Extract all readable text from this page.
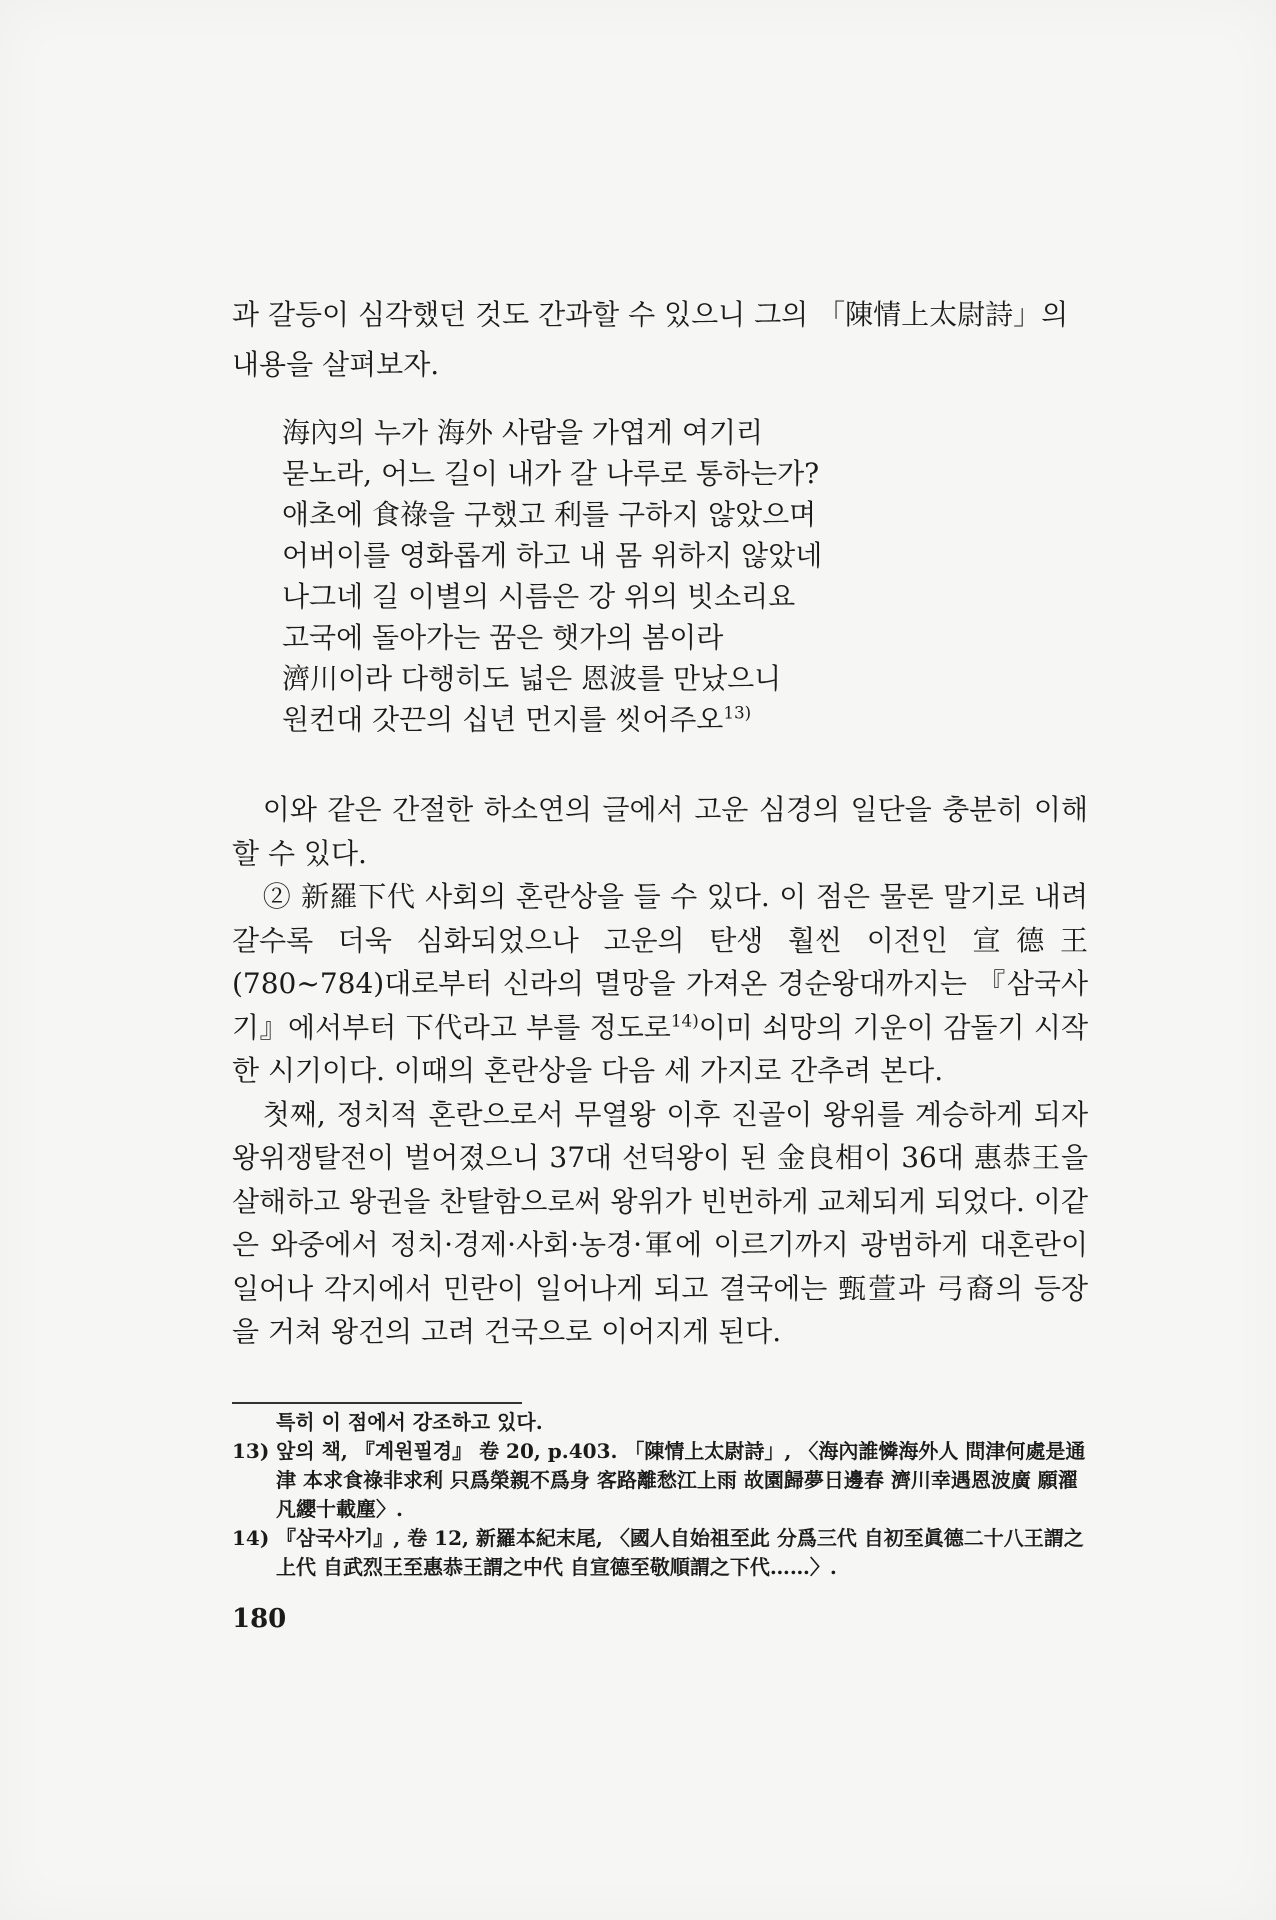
과 갈등이 심각했던 것도 간과할 수 있으니 그의 「陳情上太尉詩」의

내용을 살펴보자.

海內의 누가 海外 사람을 가엽게 여기리
묻노라, 어느 길이 내가 갈 나루로 통하는가?
애초에 食祿을 구했고 利를 구하지 않았으며
어버이를 영화롭게 하고 내 몸 위하지 않았네
나그네 길 이별의 시름은 강 위의 빗소리요
고국에 돌아가는 꿈은 햇가의 봄이라
濟川이라 다행히도 넓은 恩波를 만났으니
원컨대 갓끈의 십년 먼지를 씻어주오$^{13)}$

이와 같은 간절한 하소연의 글에서 고운 심경의 일단을 충분히 이해할 수 있다.

② 新羅下代 사회의 혼란상을 들 수 있다. 이 점은 물론 말기로 내려갈수록 더욱 심화되었으나 고운의 탄생 훨씬 이전인 宣德王(780~784)대로부터 신라의 멸망을 가져온 경순왕대까지는 『삼국사기』에서부터 下代라고 부를 정도로$^{14)}$이미 쇠망의 기운이 감돌기 시작한 시기이다. 이때의 혼란상을 다음 세 가지로 간추려 본다.

첫째, 정치적 혼란으로서 무열왕 이후 진골이 왕위를 계승하게 되자 왕위쟁탈전이 벌어졌으니 37대 선덕왕이 된 金良相이 36대 惠恭王을 살해하고 왕권을 찬탈함으로써 왕위가 빈번하게 교체되게 되었다. 이같은 와중에서 정치·경제·사회·농경·軍에 이르기까지 광범하게 대혼란이 일어나 각지에서 민란이 일어나게 되고 결국에는 甄萱과 弓裔의 등장을 거쳐 왕건의 고려 건국으로 이어지게 된다.

특히 이 점에서 강조하고 있다.

13) 앞의 책, 『계원필경』 卷 20, p.403. 「陳情上太尉詩」, 〈海內誰憐海外人 問津何處是通津 本求食祿非求利 只爲榮親不爲身 客路離愁江上雨 故園歸夢日邊春 濟川幸遇恩波廣 願濯凡纓十載塵〉.

14) 『삼국사기』, 卷 12, 新羅本紀末尾, 〈國人自始祖至此 分爲三代 自初至眞德二十八王謂之上代 自武烈王至惠恭王謂之中代 自宣德至敬順謂之下代……〉.

180
